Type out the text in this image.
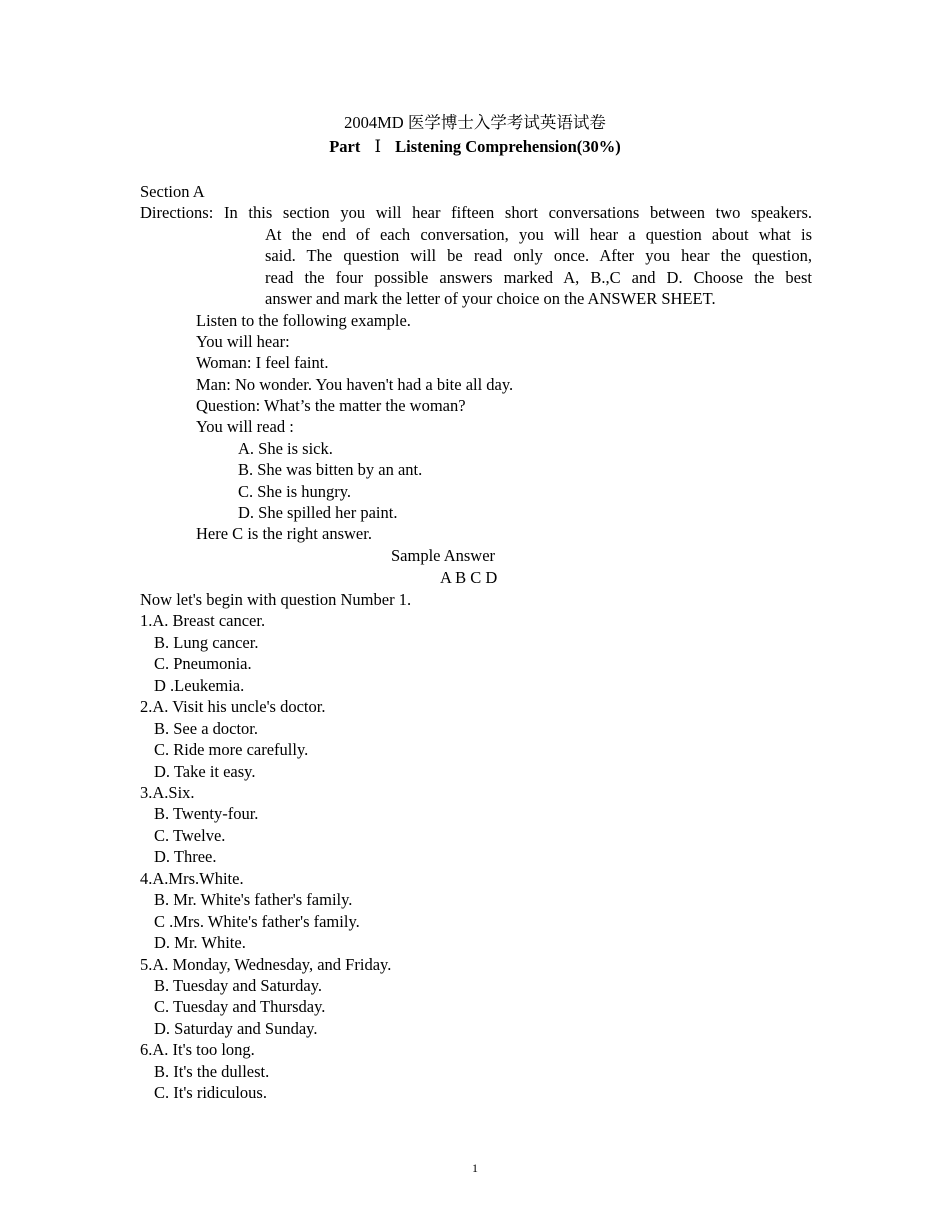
2004MD 医学博士入学考试英语试卷
Part Ⅰ Listening Comprehension(30%)
Section A
Directions: In this section you will hear fifteen short conversations between two speakers.
At the end of each conversation, you will hear a question about what is
said. The question will be read only once. After you hear the question,
read the four possible answers marked A, B.,C and D. Choose the best
answer and mark the letter of your choice on the ANSWER SHEET.
Listen to the following example.
You will hear:
Woman: I feel faint.
Man: No wonder. You haven't had a bite all day.
Question: What’s the matter the woman?
You will read :
A. She is sick.
B. She was bitten by an ant.
C. She is hungry.
D. She spilled her paint.
Here C is the right answer.
Sample Answer
A B C D
Now let's begin with question Number 1.
1.A. Breast cancer.
B. Lung cancer.
C. Pneumonia.
D .Leukemia.
2.A. Visit his uncle's doctor.
B. See a doctor.
C. Ride more carefully.
D. Take it easy.
3.A.Six.
B. Twenty-four.
C. Twelve.
D. Three.
4.A.Mrs.White.
B. Mr. White's father's family.
C .Mrs. White's father's family.
D. Mr. White.
5.A. Monday, Wednesday, and Friday.
B. Tuesday and Saturday.
C. Tuesday and Thursday.
D. Saturday and Sunday.
6.A. It's too long.
B. It's the dullest.
C. It's ridiculous.
1
